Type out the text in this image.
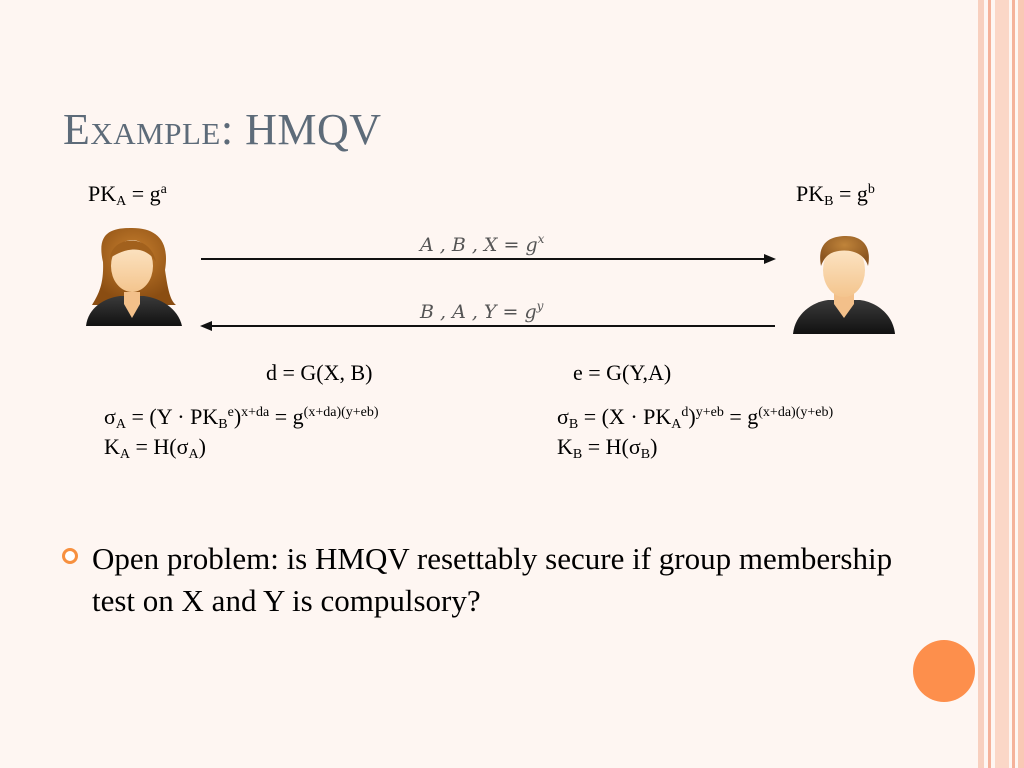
Example: HMQV
$PK_A = g^a$	$PK_B = g^b$
A , B , $X = g^x$
B , A , $Y = g^y$
d = G(X, B)	e = G(Y,A)
$\sigma_A = (Y \cdot PK_B^e)^{x+da} = g^{(x+da)(y+eb)}$
$K_A = H(\sigma_A)$
$\sigma_B = (X \cdot PK_A^d)^{y+eb} = g^{(x+da)(y+eb)}$
$K_B = H(\sigma_B)$
Open problem: is HMQV resettably secure if group membership test on X and Y is compulsory?
